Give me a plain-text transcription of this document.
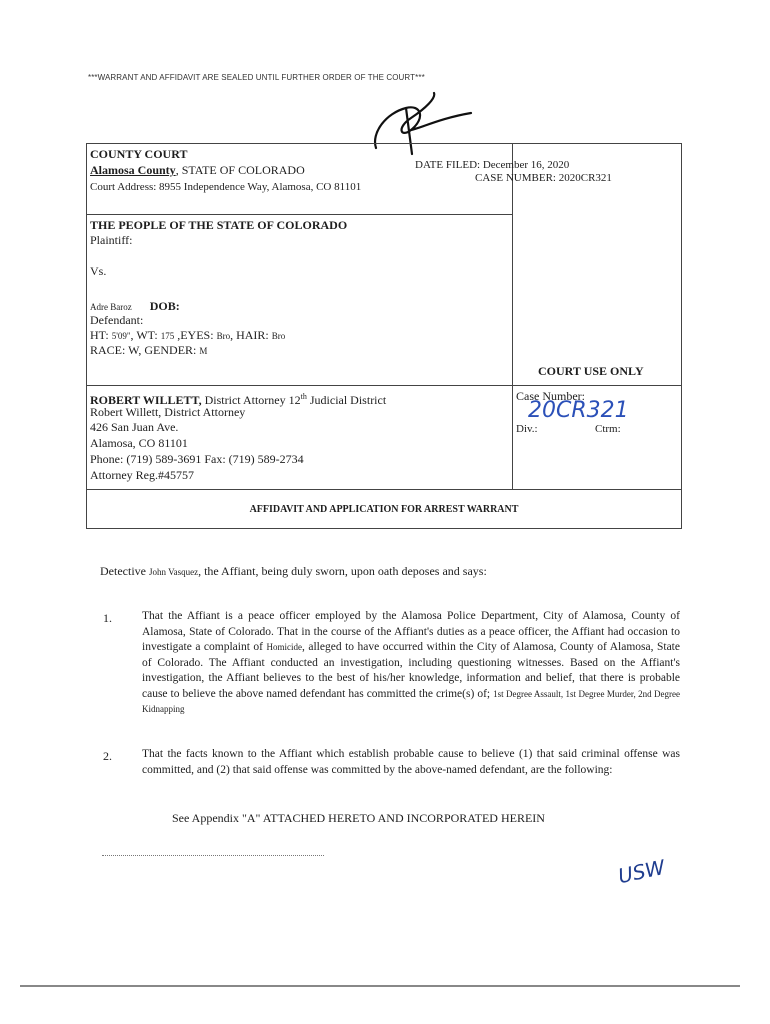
***WARRANT AND AFFIDAVIT ARE SEALED UNTIL FURTHER ORDER OF THE COURT***
COUNTY COURT
Alamosa County, STATE OF COLORADO
Court Address: 8955 Independence Way, Alamosa, CO 81101
DATE FILED: December 16, 2020
CASE NUMBER: 2020CR321
THE PEOPLE OF THE STATE OF COLORADO
Plaintiff:
Vs.
Adre Baroz DOB:
Defendant:
HT: 5'09", WT: 175 ,EYES: Bro, HAIR: Bro
RACE: W, GENDER: M
COURT USE ONLY
Case Number:
20CR321
Div.:	Ctrm:
ROBERT WILLETT, District Attorney 12th Judicial District
Robert Willett, District Attorney
426 San Juan Ave.
Alamosa, CO 81101
Phone: (719) 589-3691 Fax: (719) 589-2734
Attorney Reg.#45757
AFFIDAVIT AND APPLICATION FOR ARREST WARRANT
Detective John Vasquez, the Affiant, being duly sworn, upon oath deposes and says:
1.	That the Affiant is a peace officer employed by the Alamosa Police Department, City of Alamosa, County of Alamosa, State of Colorado. That in the course of the Affiant's duties as a peace officer, the Affiant had occasion to investigate a complaint of Homicide, alleged to have occurred within the City of Alamosa, County of Alamosa, State of Colorado. The Affiant conducted an investigation, including questioning witnesses. Based on the Affiant's investigation, the Affiant believes to the best of his/her knowledge, information and belief, that there is probable cause to believe the above named defendant has committed the crime(s) of; 1st Degree Assault, 1st Degree Murder, 2nd Degree Kidnapping
2.	That the facts known to the Affiant which establish probable cause to believe (1) that said criminal offense was committed, and (2) that said offense was committed by the above-named defendant, are the following:
See Appendix "A" ATTACHED HERETO AND INCORPORATED HEREIN
USW
